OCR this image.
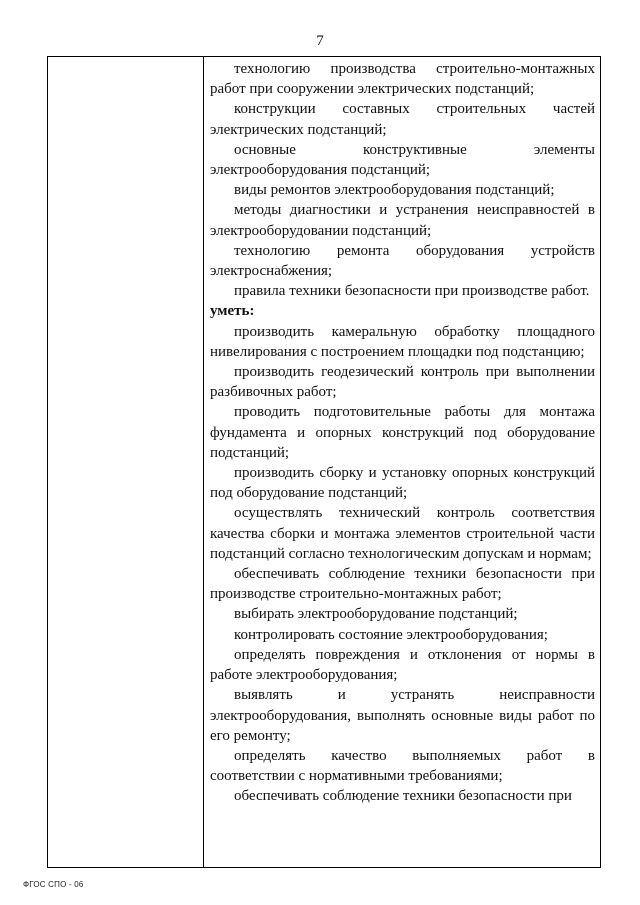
7

технологию производства строительно-монтажных работ при сооружении электрических подстанций;

конструкции составных строительных частей электрических подстанций;

основные конструктивные элементы электрооборудования подстанций;

виды ремонтов электрооборудования подстанций;

методы диагностики и устранения неисправностей в электрооборудовании подстанций;

технологию ремонта оборудования устройств электроснабжения;

правила техники безопасности при производстве работ.

уметь:

производить камеральную обработку площадного нивелирования с построением площадки под подстанцию;

производить геодезический контроль при выполнении разбивочных работ;

проводить подготовительные работы для монтажа фундамента и опорных конструкций под оборудование подстанций;

производить сборку и установку опорных конструкций под оборудование подстанций;

осуществлять технический контроль соответствия качества сборки и монтажа элементов строительной части подстанций согласно технологическим допускам и нормам;

обеспечивать соблюдение техники безопасности при производстве строительно-монтажных работ;

выбирать электрооборудование подстанций;

контролировать состояние электрооборудования;

определять повреждения и отклонения от нормы в работе электрооборудования;

выявлять и устранять неисправности электрооборудования, выполнять основные виды работ по его ремонту;

определять качество выполняемых работ в соответствии с нормативными требованиями;

обеспечивать соблюдение техники безопасности при

ФГОС СПО - 06
